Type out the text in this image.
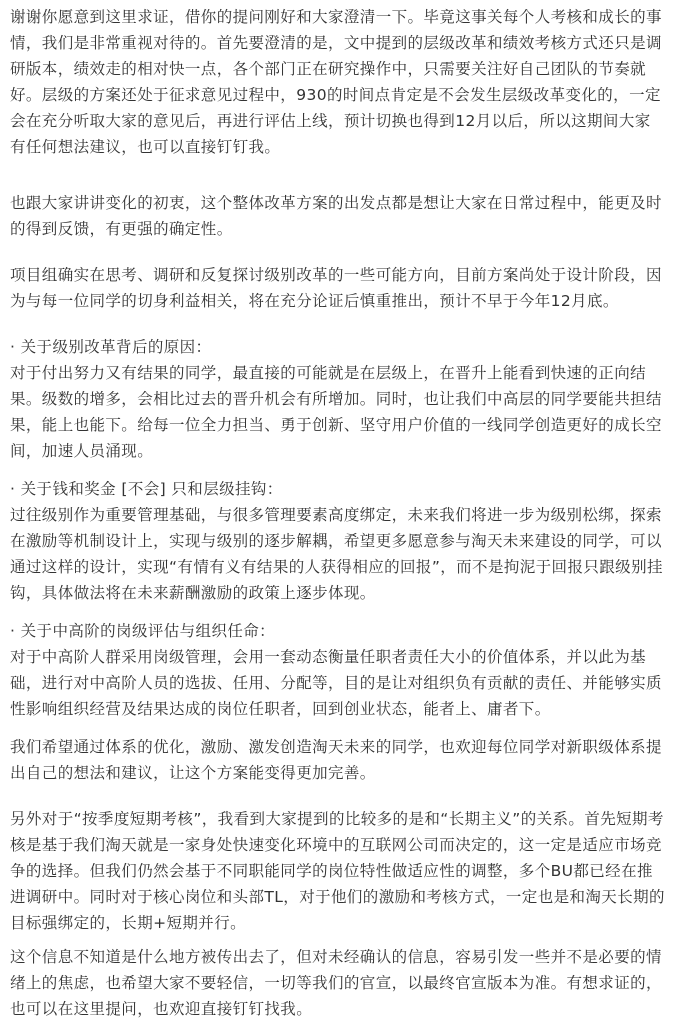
谢谢你愿意到这里求证，借你的提问刚好和大家澄清一下。毕竟这事关每个人考核和成长的事情，我们是非常重视对待的。首先要澄清的是，文中提到的层级改革和绩效考核方式还只是调研版本，绩效走的相对快一点，各个部门正在研究操作中，只需要关注好自己团队的节奏就好。层级的方案还处于征求意见过程中，930的时间点肯定是不会发生层级改革变化的，一定会在充分听取大家的意见后，再进行评估上线，预计切换也得到12月以后，所以这期间大家有任何想法建议，也可以直接钉钉我。

也跟大家讲讲变化的初衷，这个整体改革方案的出发点都是想让大家在日常过程中，能更及时的得到反馈，有更强的确定性。

项目组确实在思考、调研和反复探讨级别改革的一些可能方向，目前方案尚处于设计阶段，因为与每一位同学的切身利益相关，将在充分论证后慎重推出，预计不早于今年12月底。

· 关于级别改革背后的原因：
对于付出努力又有结果的同学，最直接的可能就是在层级上，在晋升上能看到快速的正向结果。级数的增多，会相比过去的晋升机会有所增加。同时，也让我们中高层的同学要能共担结果，能上也能下。给每一位全力担当、勇于创新、坚守用户价值的一线同学创造更好的成长空间，加速人员涌现。

· 关于钱和奖金 [不会] 只和层级挂钩：
过往级别作为重要管理基础，与很多管理要素高度绑定，未来我们将进一步为级别松绑，探索在激励等机制设计上，实现与级别的逐步解耦，希望更多愿意参与淘天未来建设的同学，可以通过这样的设计，实现“有情有义有结果的人获得相应的回报”，而不是拘泥于回报只跟级别挂钩，具体做法将在未来薪酬激励的政策上逐步体现。

· 关于中高阶的岗级评估与组织任命：
对于中高阶人群采用岗级管理，会用一套动态衡量任职者责任大小的价值体系，并以此为基础，进行对中高阶人员的选拔、任用、分配等，目的是让对组织负有贡献的责任、并能够实质性影响组织经营及结果达成的岗位任职者，回到创业状态，能者上、庸者下。

我们希望通过体系的优化，激励、激发创造淘天未来的同学，也欢迎每位同学对新职级体系提出自己的想法和建议，让这个方案能变得更加完善。

另外对于“按季度短期考核”，我看到大家提到的比较多的是和“长期主义”的关系。首先短期考核是基于我们淘天就是一家身处快速变化环境中的互联网公司而决定的，这一定是适应市场竞争的选择。但我们仍然会基于不同职能同学的岗位特性做适应性的调整，多个BU都已经在推进调研中。同时对于核心岗位和头部TL，对于他们的激励和考核方式，一定也是和淘天长期的目标强绑定的，长期+短期并行。

这个信息不知道是什么地方被传出去了，但对未经确认的信息，容易引发一些并不是必要的情绪上的焦虑，也希望大家不要轻信，一切等我们的官宣，以最终官宣版本为准。有想求证的，也可以在这里提问，也欢迎直接钉钉找我。
